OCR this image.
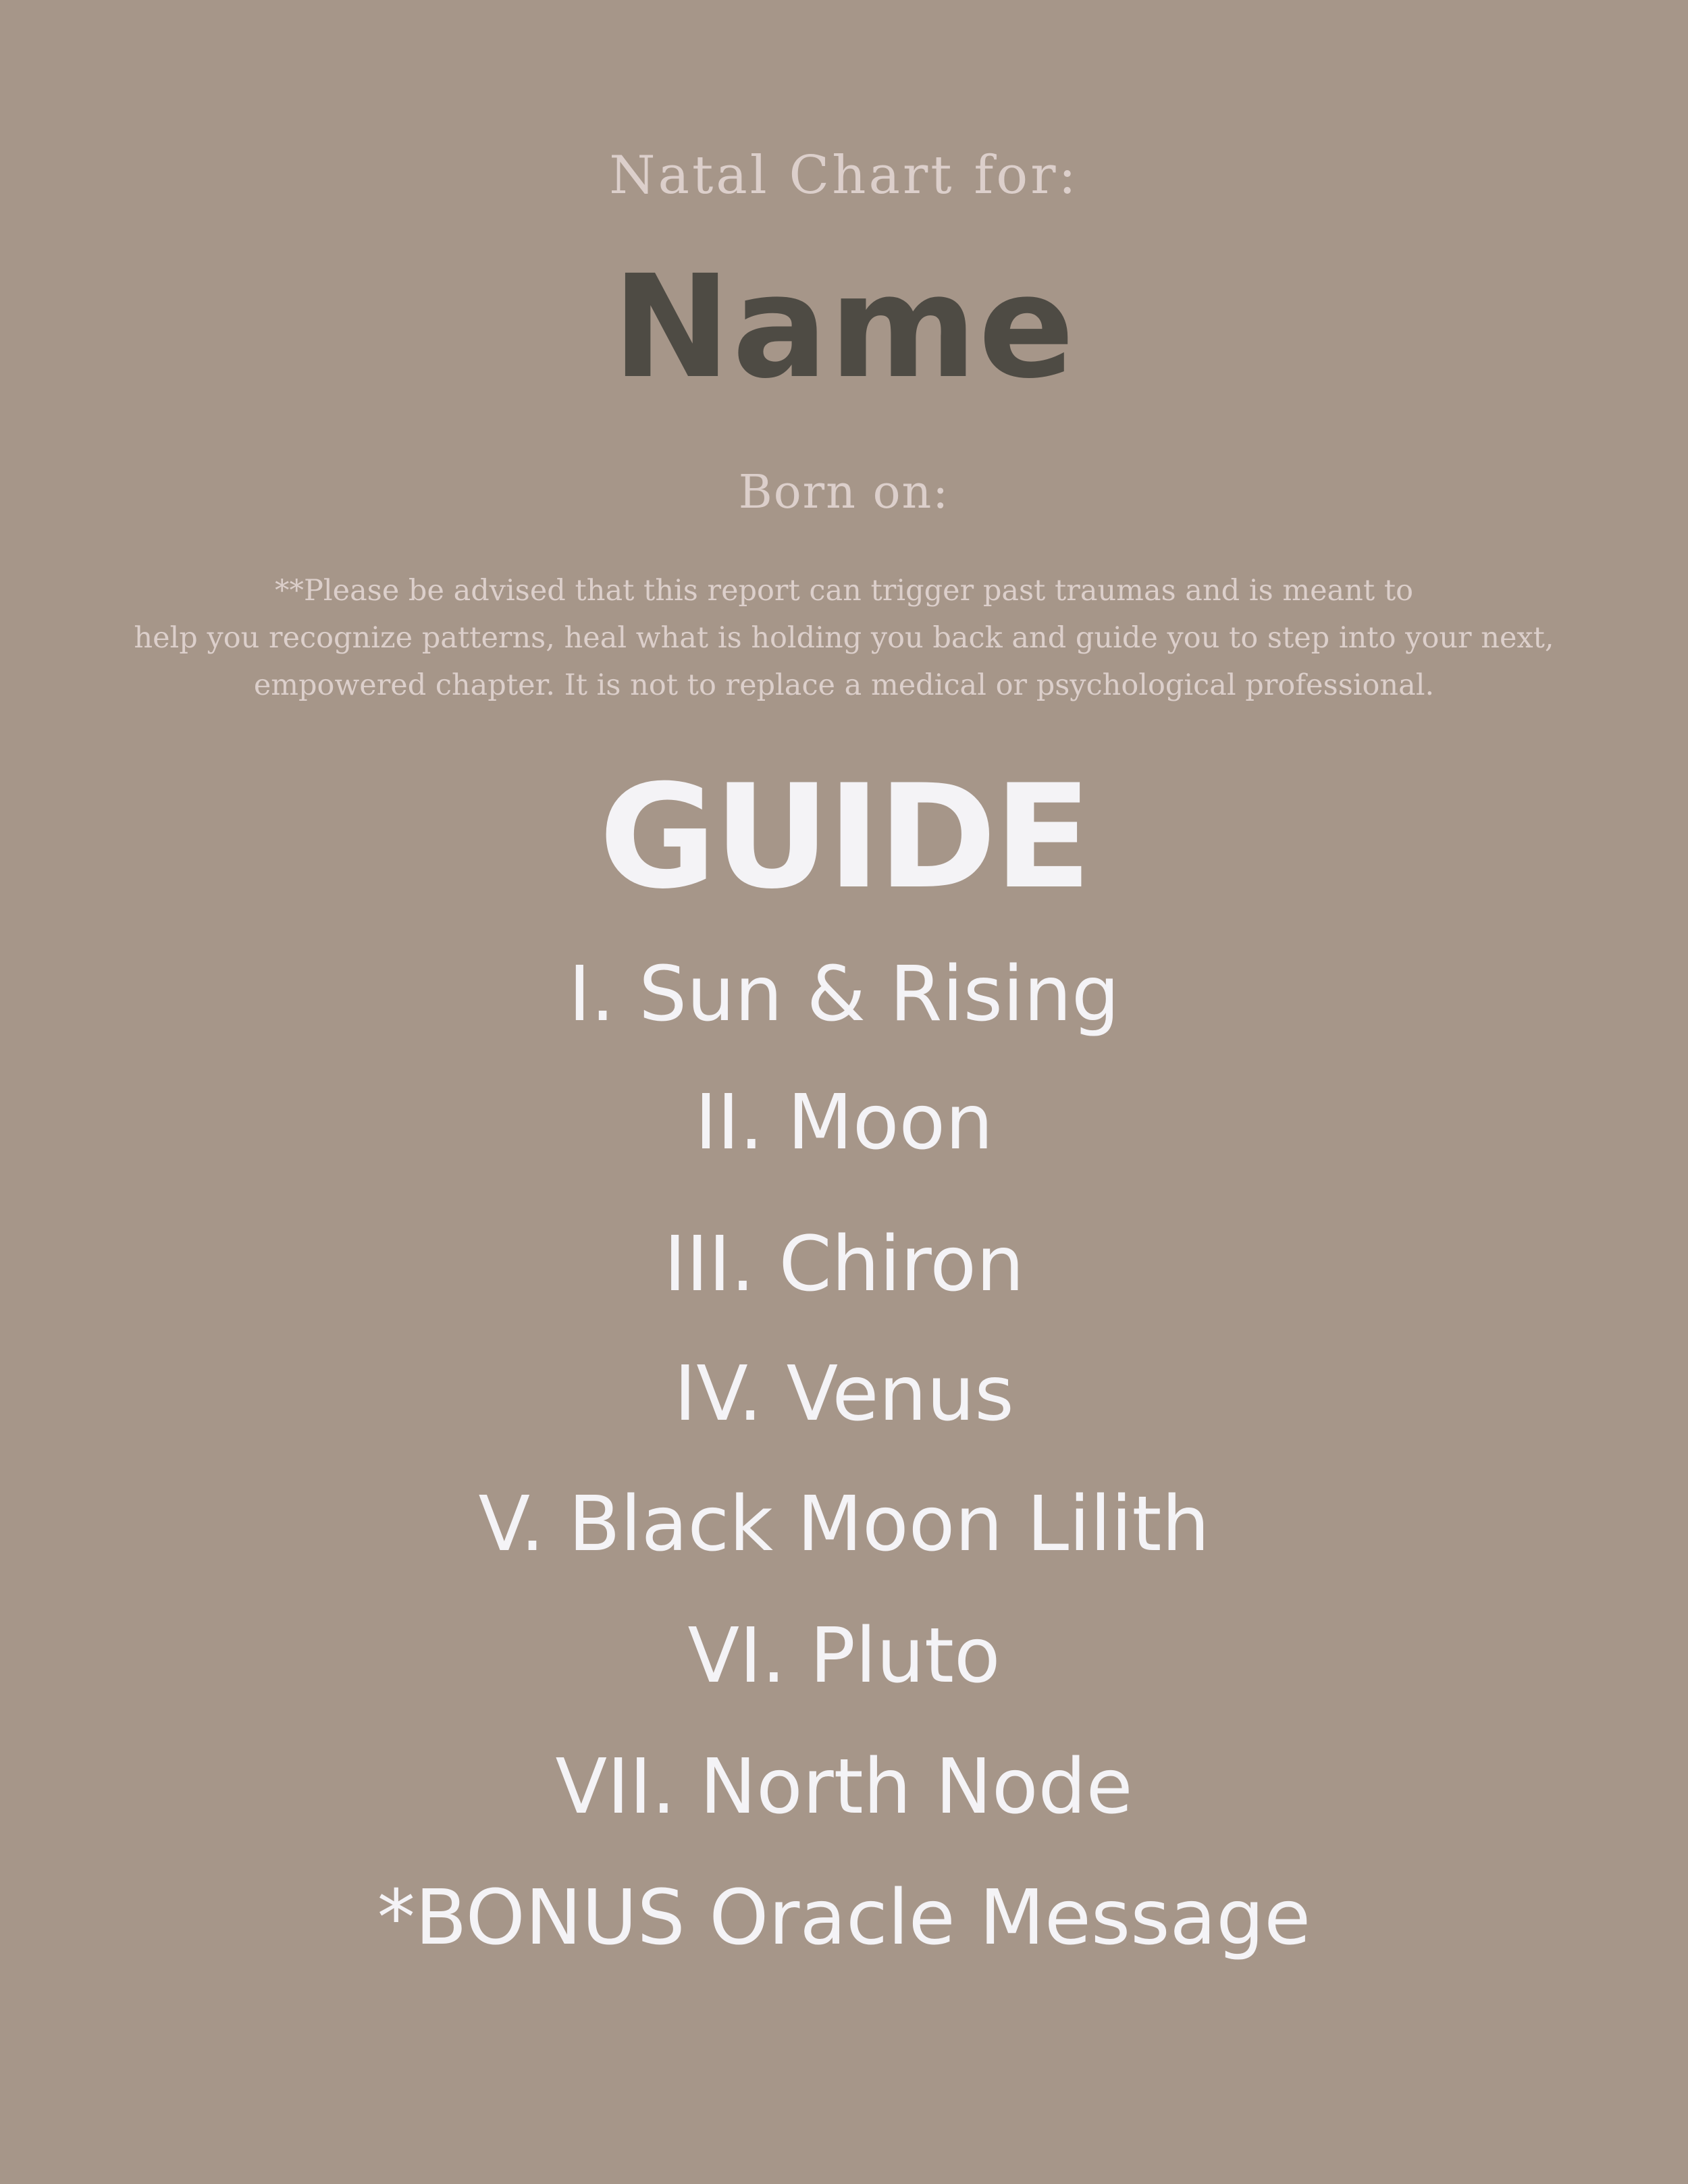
Natal Chart for:

Name

Born on:

**Please be advised that this report can trigger past traumas and is meant to
help you recognize patterns, heal what is holding you back and guide you to step into your next,
empowered chapter. It is not to replace a medical or psychological professional.
GUIDE
I. Sun & Rising
II. Moon
III. Chiron
IV. Venus
V. Black Moon Lilith
VI. Pluto
VII. North Node
*BONUS Oracle Message
